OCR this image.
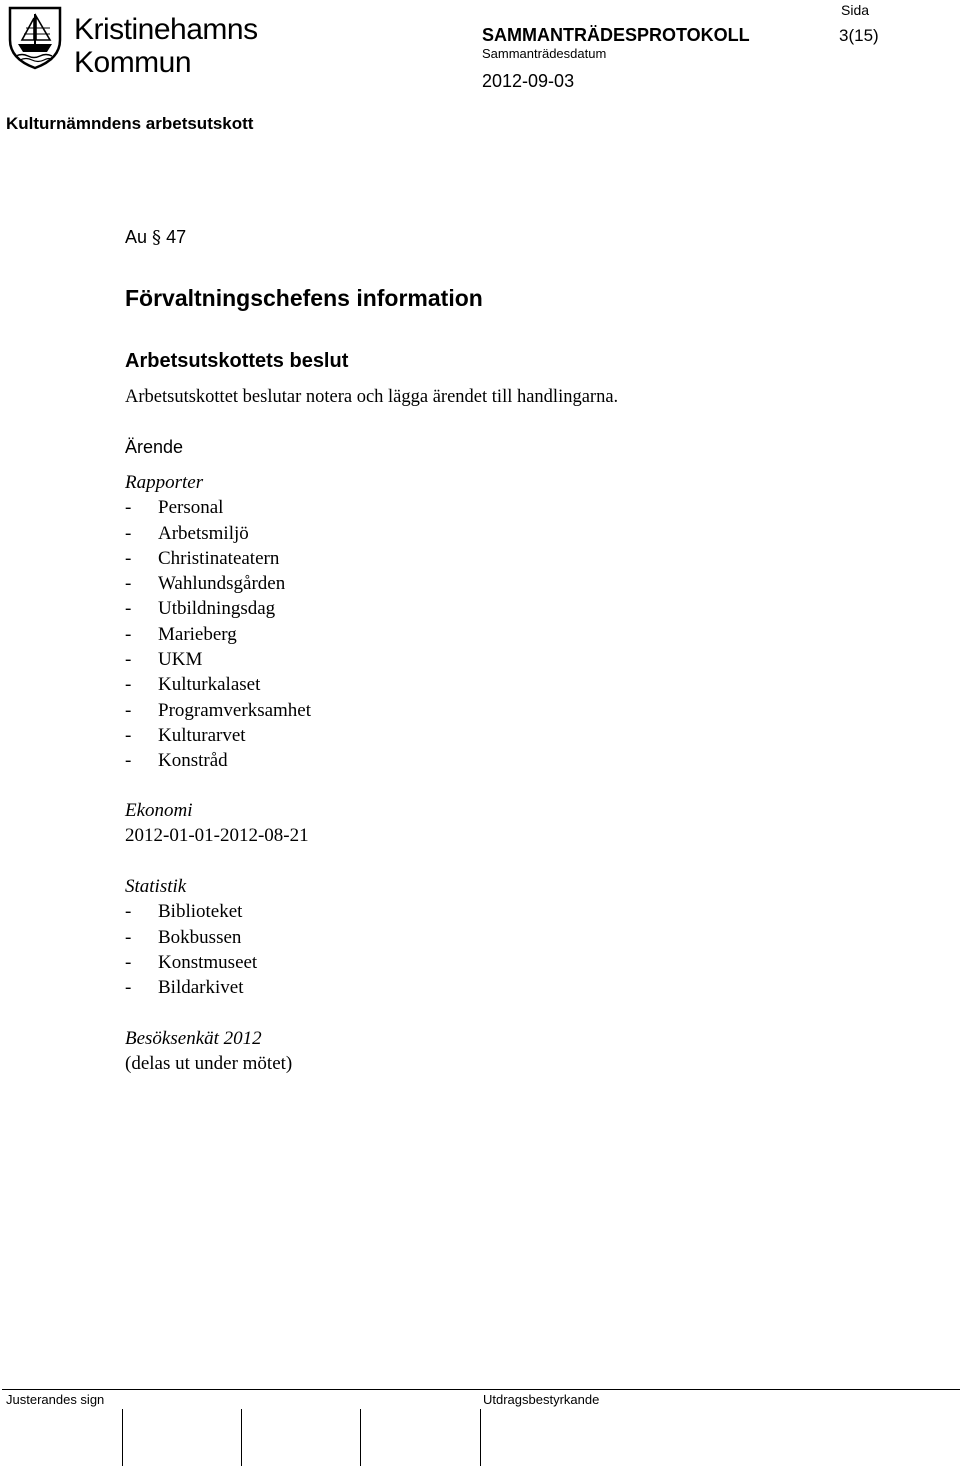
Kristinehamns
Kommun
Sida
3(15)
SAMMANTRÄDESPROTOKOLL
Sammanträdesdatum
2012-09-03
Kulturnämndens arbetsutskott
Au § 47
Förvaltningschefens information
Arbetsutskottets beslut
Arbetsutskottet beslutar notera och lägga ärendet till handlingarna.
Ärende
Rapporter
-	Personal
-	Arbetsmiljö
-	Christinateatern
-	Wahlundsgården
-	Utbildningsdag
-	Marieberg
-	UKM
-	Kulturkalaset
-	Programverksamhet
-	Kulturarvet
-	Konstråd
Ekonomi
2012-01-01-2012-08-21
Statistik
-	Biblioteket
-	Bokbussen
-	Konstmuseet
-	Bildarkivet
Besöksenkät 2012
(delas ut under mötet)
Justerandes sign	Utdragsbestyrkande
